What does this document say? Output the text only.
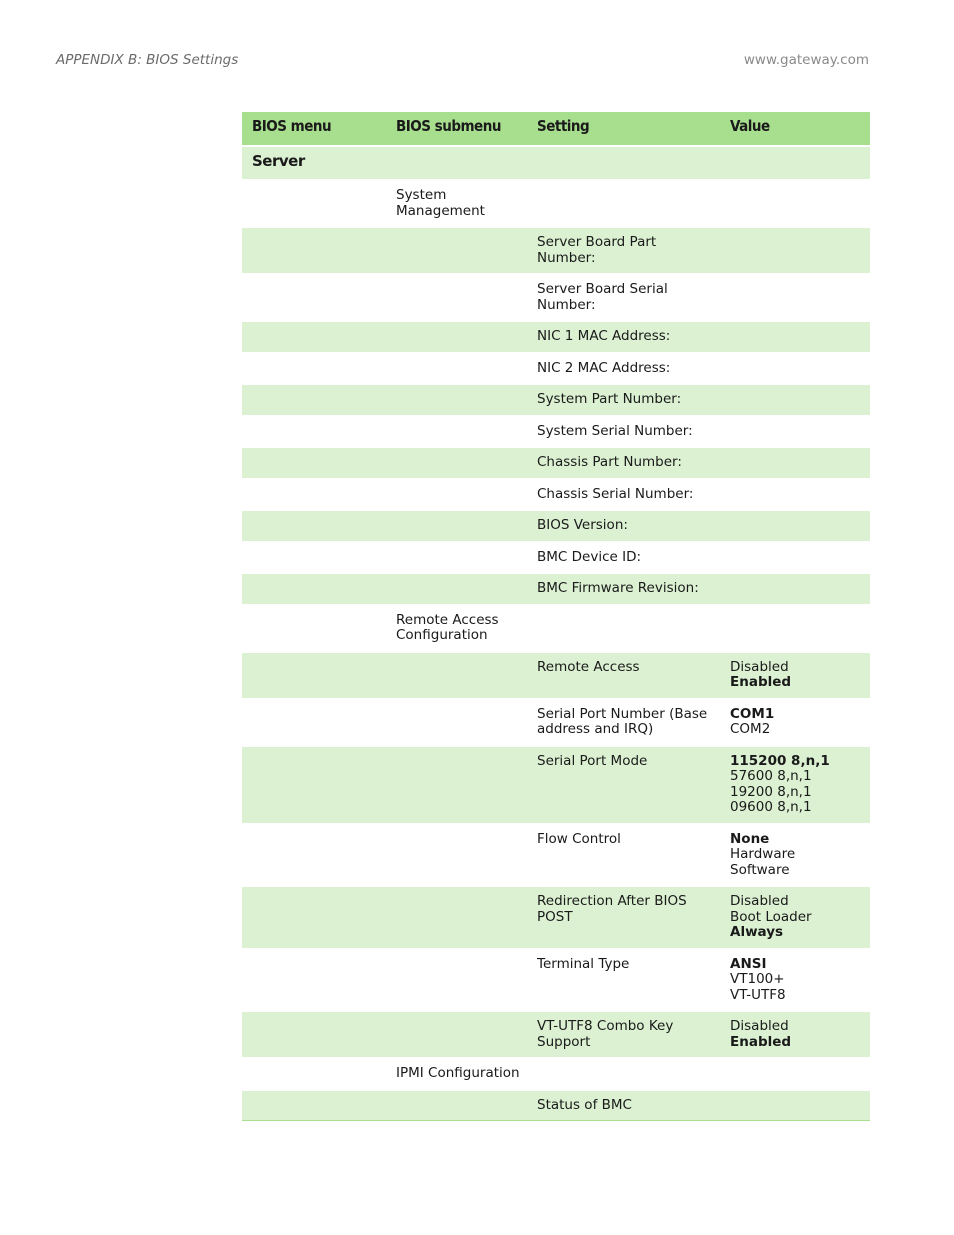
APPENDIX B: BIOS Settings	www.gateway.com
BIOS menu	BIOS submenu	Setting	Value
Server			
	System Management		
		Server Board Part Number:	
		Server Board Serial Number:	
		NIC 1 MAC Address:	
		NIC 2 MAC Address:	
		System Part Number:	
		System Serial Number:	
		Chassis Part Number:	
		Chassis Serial Number:	
		BIOS Version:	
		BMC Device ID:	
		BMC Firmware Revision:	
	Remote Access Configuration		
		Remote Access	Disabled
Enabled

		Serial Port Number (Base address and IRQ)	COM1
COM2

		Serial Port Mode	115200 8,n,1
57600 8,n,1
19200 8,n,1
09600 8,n,1

		Flow Control	None
Hardware
Software

		Redirection After BIOS POST	Disabled
Boot Loader
Always

		Terminal Type	ANSI
VT100+
VT-UTF8

		VT-UTF8 Combo Key Support	Disabled
Enabled

	IPMI Configuration		
		Status of BMC	
